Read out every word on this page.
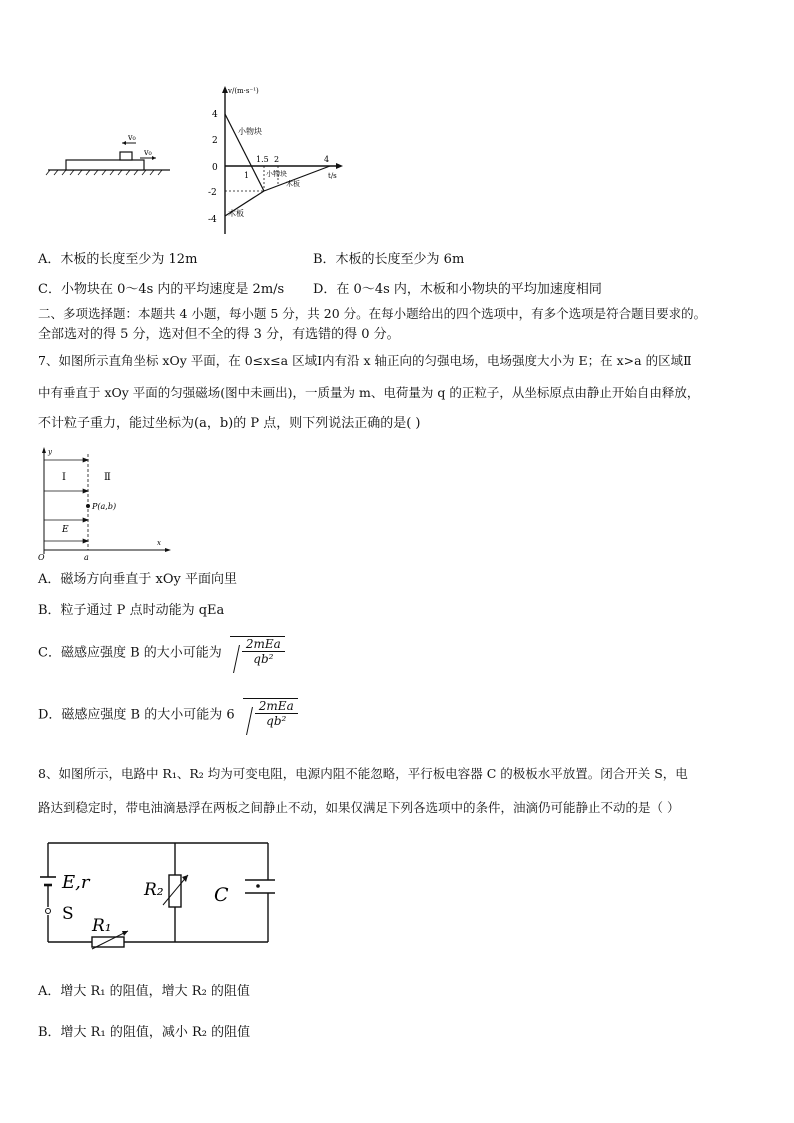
v₀
v₀
v/(m·s⁻¹)
t/s
4
2
0
-2
-4
1
1.5 2	4
小物块
小物块
木板
木板
A．木板的长度至少为 12m	B．木板的长度至少为 6m
C．小物块在 0～4s 内的平均速度是 2m/s D．在 0～4s 内，木板和小物块的平均加速度相同
二、多项选择题：本题共 4 小题，每小题 5 分，共 20 分。在每小题给出的四个选项中，有多个选项是符合题目要求的。
全部选对的得 5 分，选对但不全的得 3 分，有选错的得 0 分。
7、如图所示直角坐标 xOy 平面，在 0≤x≤a 区域Ⅰ内有沿 x 轴正向的匀强电场，电场强度大小为 E；在 x>a 的区域Ⅱ
中有垂直于 xOy 平面的匀强磁场(图中未画出)，一质量为 m、电荷量为 q 的正粒子，从坐标原点由静止开始自由释放，
不计粒子重力，能过坐标为(a，b)的 P 点，则下列说法正确的是( )
y
x
O	a
Ⅰ	Ⅱ
E
P(a,b)
A．磁场方向垂直于 xOy 平面向里
B．粒子通过 P 点时动能为 qEa
C．磁感应强度 B 的大小可能为 $\frac{\text{2mEa}}{\text{qb²}}$
D．磁感应强度 B 的大小可能为 $6 \frac{\text{2mEa}}{\text{qb²}}$
8、如图所示，电路中 R₁、R₂ 均为可变电阻，电源内阻不能忽略，平行板电容器 C 的极板水平放置。闭合开关 S，电
路达到稳定时，带电油滴悬浮在两板之间静止不动，如果仅满足下列各选项中的条件，油滴仍可能静止不动的是（ ）
E,r
S
R₁
R₂	C
A．增大 R₁ 的阻值，增大 R₂ 的阻值
B．增大 R₁ 的阻值，减小 R₂ 的阻值
